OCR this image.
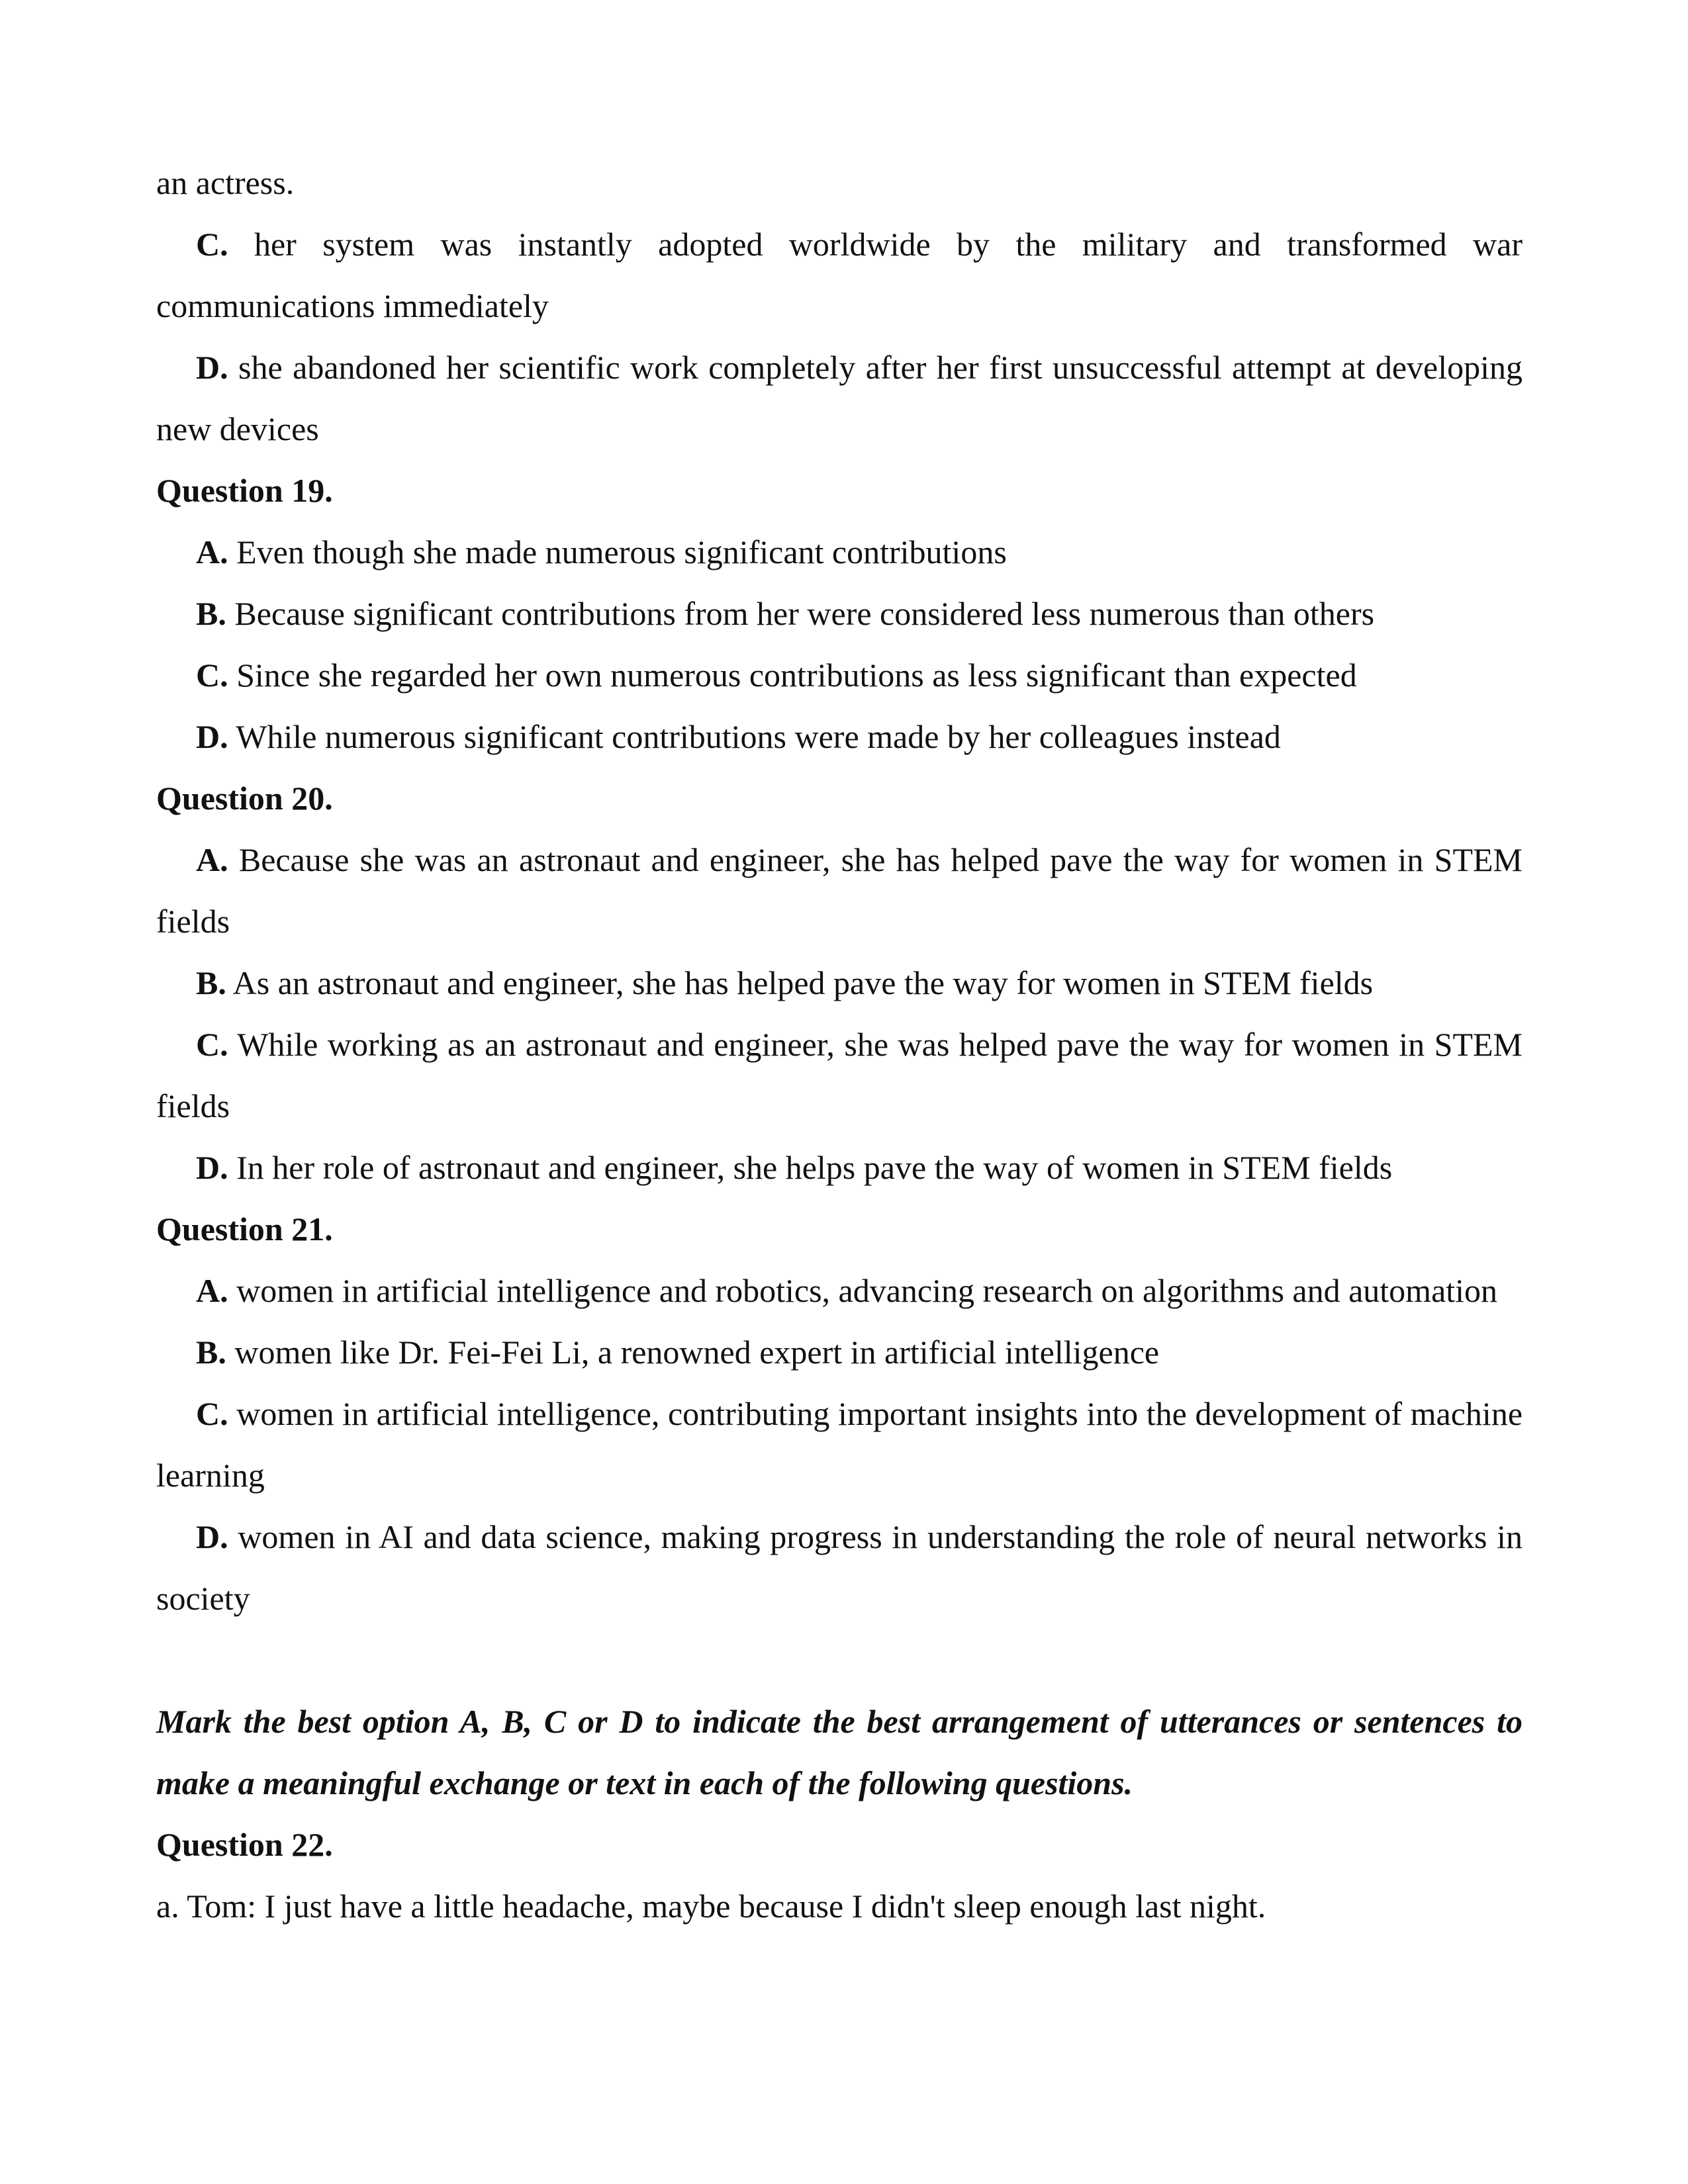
an actress.

C. her system was instantly adopted worldwide by the military and transformed war communications immediately

D. she abandoned her scientific work completely after her first unsuccessful attempt at developing new devices

Question 19.

A. Even though she made numerous significant contributions

B. Because significant contributions from her were considered less numerous than others

C. Since she regarded her own numerous contributions as less significant than expected

D. While numerous significant contributions were made by her colleagues instead

Question 20.

A. Because she was an astronaut and engineer, she has helped pave the way for women in STEM fields

B. As an astronaut and engineer, she has helped pave the way for women in STEM fields

C. While working as an astronaut and engineer, she was helped pave the way for women in STEM fields

D. In her role of astronaut and engineer, she helps pave the way of women in STEM fields

Question 21.

A. women in artificial intelligence and robotics, advancing research on algorithms and automation

B. women like Dr. Fei-Fei Li, a renowned expert in artificial intelligence

C. women in artificial intelligence, contributing important insights into the development of machine learning

D. women in AI and data science, making progress in understanding the role of neural networks in society

Mark the best option A, B, C or D to indicate the best arrangement of utterances or sentences to make a meaningful exchange or text in each of the following questions.

Question 22.

a. Tom: I just have a little headache, maybe because I didn't sleep enough last night.
